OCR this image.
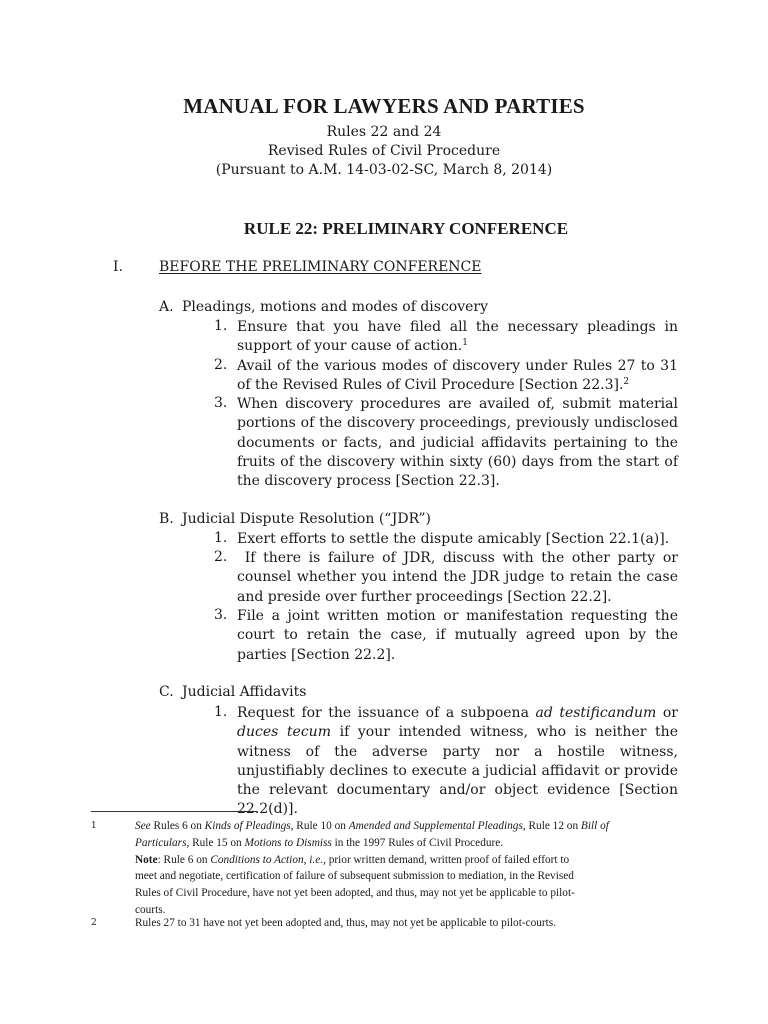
MANUAL FOR LAWYERS AND PARTIES
Rules 22 and 24
Revised Rules of Civil Procedure
(Pursuant to A.M. 14-03-02-SC, March 8, 2014)
RULE 22: PRELIMINARY CONFERENCE
I.	BEFORE THE PRELIMINARY CONFERENCE
A. Pleadings, motions and modes of discovery
1. Ensure that you have filed all the necessary pleadings in support of your cause of action.$^1$
2. Avail of the various modes of discovery under Rules 27 to 31 of the Revised Rules of Civil Procedure [Section 22.3].$^2$
3. When discovery procedures are availed of, submit material portions of the discovery proceedings, previously undisclosed documents or facts, and judicial affidavits pertaining to the fruits of the discovery within sixty (60) days from the start of the discovery process [Section 22.3].
B. Judicial Dispute Resolution (“JDR”)
1. Exert efforts to settle the dispute amicably [Section 22.1(a)].
2. If there is failure of JDR, discuss with the other party or counsel whether you intend the JDR judge to retain the case and preside over further proceedings [Section 22.2].
3. File a joint written motion or manifestation requesting the court to retain the case, if mutually agreed upon by the parties [Section 22.2].
C. Judicial Affidavits
1. Request for the issuance of a subpoena ad testificandum or duces tecum if your intended witness, who is neither the witness of the adverse party nor a hostile witness, unjustifiably declines to execute a judicial affidavit or provide the relevant documentary and/or object evidence [Section 22.2(d)].
1	See Rules 6 on Kinds of Pleadings, Rule 10 on Amended and Supplemental Pleadings, Rule 12 on Bill of
Particulars, Rule 15 on Motions to Dismiss in the 1997 Rules of Civil Procedure.
Note: Rule 6 on Conditions to Action, i.e., prior written demand, written proof of failed effort to
meet and negotiate, certification of failure of subsequent submission to mediation, in the Revised
Rules of Civil Procedure, have not yet been adopted, and thus, may not yet be applicable to pilot-
courts.
2	Rules 27 to 31 have not yet been adopted and, thus, may not yet be applicable to pilot-courts.
